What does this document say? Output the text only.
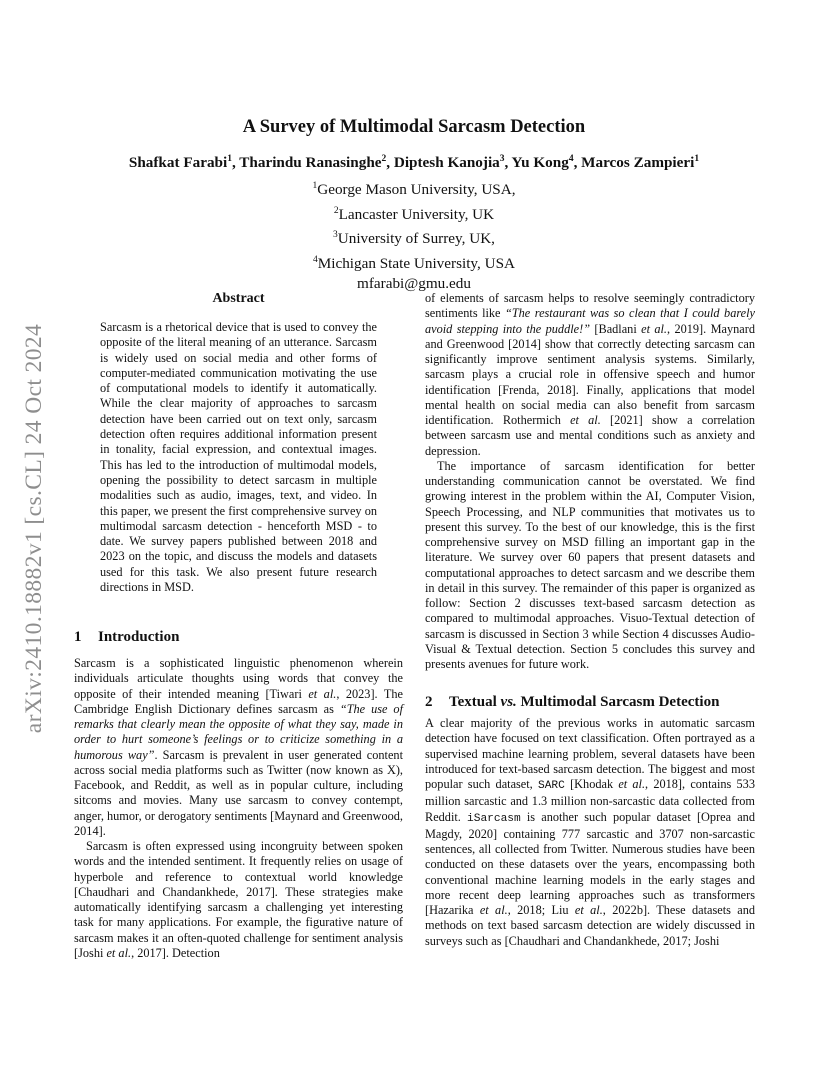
arXiv:2410.18882v1 [cs.CL] 24 Oct 2024
A Survey of Multimodal Sarcasm Detection
Shafkat Farabi$^1$, Tharindu Ranasinghe$^2$, Diptesh Kanojia$^3$, Yu Kong$^4$, Marcos Zampieri$^1$
$^1$George Mason University, USA,
$^2$Lancaster University, UK
$^3$University of Surrey, UK,
$^4$Michigan State University, USA
mfarabi@gmu.edu
Abstract
Sarcasm is a rhetorical device that is used to convey the opposite of the literal meaning of an utterance. Sarcasm is widely used on social media and other forms of computer-mediated communication motivating the use of computational models to identify it automatically. While the clear majority of approaches to sarcasm detection have been carried out on text only, sarcasm detection often requires additional information present in tonality, facial expression, and contextual images. This has led to the introduction of multimodal models, opening the possibility to detect sarcasm in multiple modalities such as audio, images, text, and video. In this paper, we present the first comprehensive survey on multimodal sarcasm detection - henceforth MSD - to date. We survey papers published between 2018 and 2023 on the topic, and discuss the models and datasets used for this task. We also present future research directions in MSD.
1 Introduction

Sarcasm is a sophisticated linguistic phenomenon wherein individuals articulate thoughts using words that convey the opposite of their intended meaning [Tiwari et al., 2023]. The Cambridge English Dictionary defines sarcasm as “The use of remarks that clearly mean the opposite of what they say, made in order to hurt someone’s feelings or to criticize something in a humorous way”. Sarcasm is prevalent in user generated content across social media platforms such as Twitter (now known as X), Facebook, and Reddit, as well as in popular culture, including sitcoms and movies. Many use sarcasm to convey contempt, anger, humor, or derogatory sentiments [Maynard and Greenwood, 2014].

Sarcasm is often expressed using incongruity between spoken words and the intended sentiment. It frequently relies on usage of hyperbole and reference to contextual world knowledge [Chaudhari and Chandankhede, 2017]. These strategies make automatically identifying sarcasm a challenging yet interesting task for many applications. For example, the figurative nature of sarcasm makes it an often-quoted challenge for sentiment analysis [Joshi et al., 2017]. Detection

of elements of sarcasm helps to resolve seemingly contradictory sentiments like “The restaurant was so clean that I could barely avoid stepping into the puddle!” [Badlani et al., 2019]. Maynard and Greenwood [2014] show that correctly detecting sarcasm can significantly improve sentiment analysis systems. Similarly, sarcasm plays a crucial role in offensive speech and humor identification [Frenda, 2018]. Finally, applications that model mental health on social media can also benefit from sarcasm identification. Rothermich et al. [2021] show a correlation between sarcasm use and mental conditions such as anxiety and depression.

The importance of sarcasm identification for better understanding communication cannot be overstated. We find growing interest in the problem within the AI, Computer Vision, Speech Processing, and NLP communities that motivates us to present this survey. To the best of our knowledge, this is the first comprehensive survey on MSD filling an important gap in the literature. We survey over 60 papers that present datasets and computational approaches to detect sarcasm and we describe them in detail in this survey. The remainder of this paper is organized as follow: Section 2 discusses text-based sarcasm detection as compared to multimodal approaches. Visuo-Textual detection of sarcasm is discussed in Section 3 while Section 4 discusses Audio-Visual & Textual detection. Section 5 concludes this survey and presents avenues for future work.

2 Textual vs. Multimodal Sarcasm Detection

A clear majority of the previous works in automatic sarcasm detection have focused on text classification. Often portrayed as a supervised machine learning problem, several datasets have been introduced for text-based sarcasm detection. The biggest and most popular such dataset, SARC [Khodak et al., 2018], contains 533 million sarcastic and 1.3 million non-sarcastic data collected from Reddit. iSarcasm is another such popular dataset [Oprea and Magdy, 2020] containing 777 sarcastic and 3707 non-sarcastic sentences, all collected from Twitter. Numerous studies have been conducted on these datasets over the years, encompassing both conventional machine learning models in the early stages and more recent deep learning approaches such as transformers [Hazarika et al., 2018; Liu et al., 2022b]. These datasets and methods on text based sarcasm detection are widely discussed in surveys such as [Chaudhari and Chandankhede, 2017; Joshi
